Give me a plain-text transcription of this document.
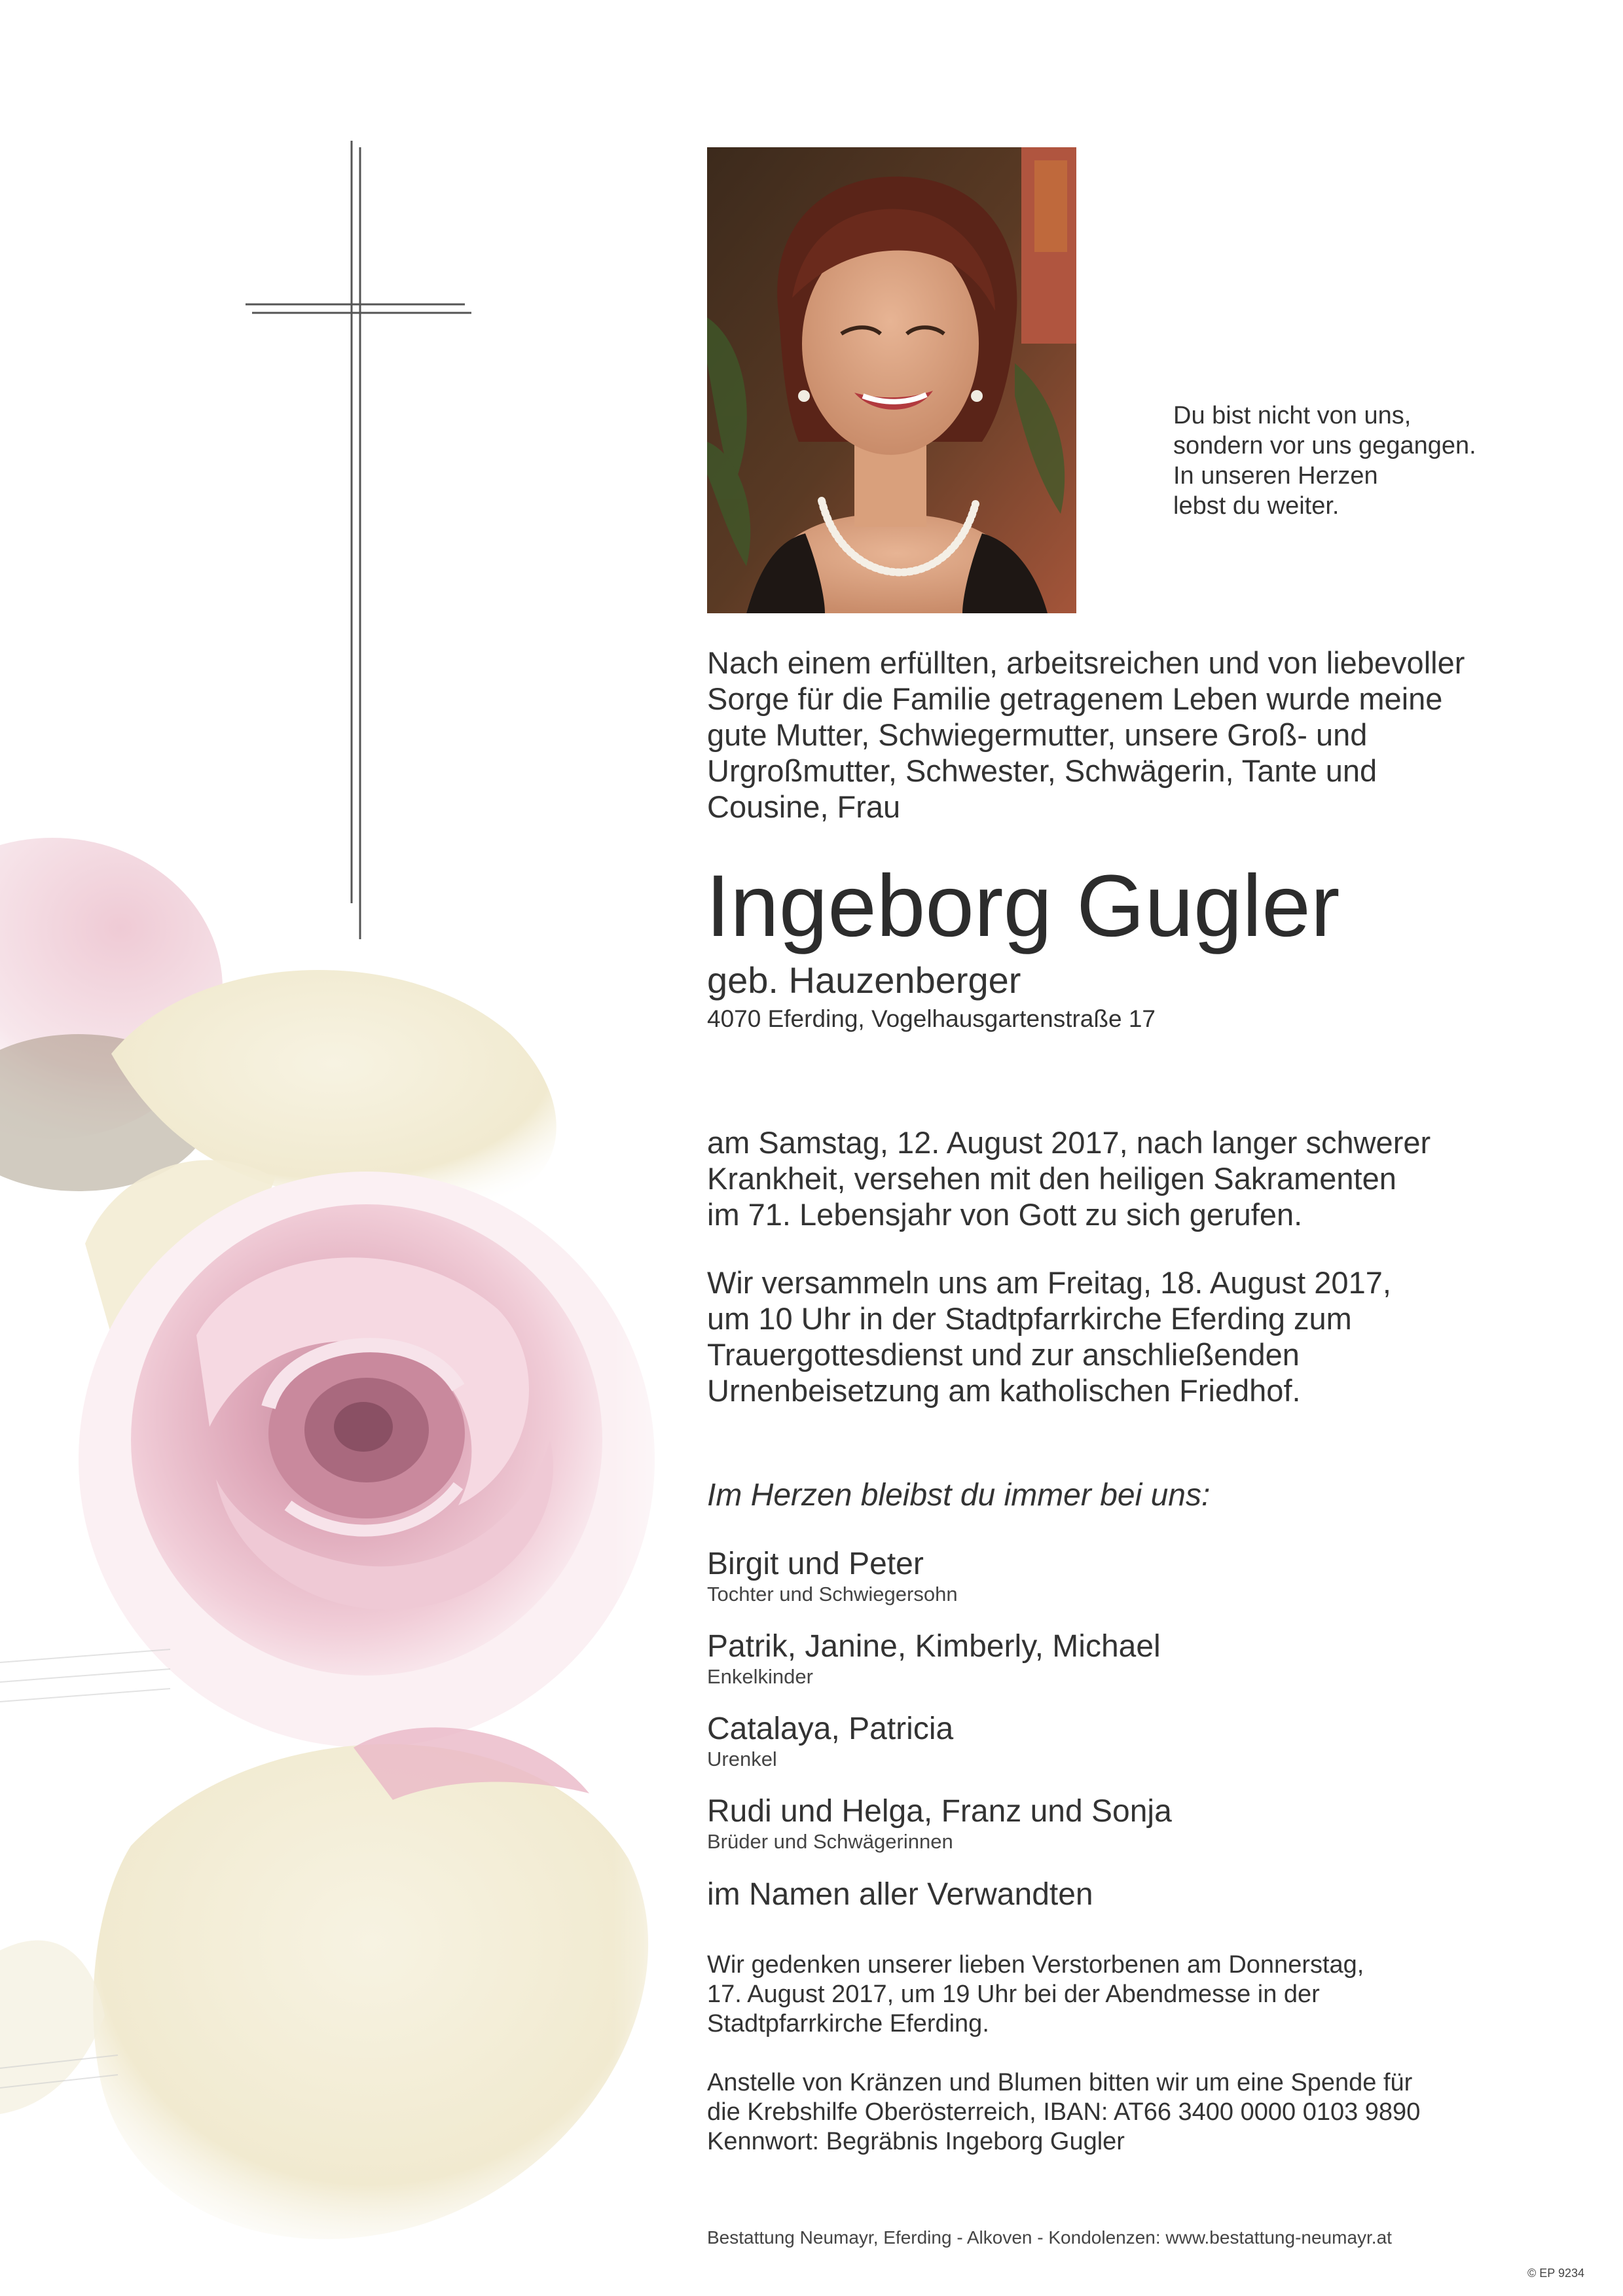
Du bist nicht von uns,
sondern vor uns gegangen.
In unseren Herzen
lebst du weiter.
Nach einem erfüllten, arbeitsreichen und von liebevoller
Sorge für die Familie getragenem Leben wurde meine
gute Mutter, Schwiegermutter, unsere Groß- und
Urgroßmutter, Schwester, Schwägerin, Tante und
Cousine, Frau
Ingeborg Gugler
geb. Hauzenberger
4070 Eferding, Vogelhausgartenstraße 17
am Samstag, 12. August 2017, nach langer schwerer
Krankheit, versehen mit den heiligen Sakramenten
im 71. Lebensjahr von Gott zu sich gerufen.
Wir versammeln uns am Freitag, 18. August 2017,
um 10 Uhr in der Stadtpfarrkirche Eferding zum
Trauergottesdienst und zur anschließenden
Urnenbeisetzung am katholischen Friedhof.
Im Herzen bleibst du immer bei uns:
Birgit und Peter
Tochter und Schwiegersohn
Patrik, Janine, Kimberly, Michael
Enkelkinder
Catalaya, Patricia
Urenkel
Rudi und Helga, Franz und Sonja
Brüder und Schwägerinnen
im Namen aller Verwandten
Wir gedenken unserer lieben Verstorbenen am Donnerstag,
17. August 2017, um 19 Uhr bei der Abendmesse in der
Stadtpfarrkirche Eferding.
Anstelle von Kränzen und Blumen bitten wir um eine Spende für
die Krebshilfe Oberösterreich, IBAN: AT66 3400 0000 0103 9890
Kennwort: Begräbnis Ingeborg Gugler
Bestattung Neumayr, Eferding - Alkoven - Kondolenzen: www.bestattung-neumayr.at
© EP 9234
